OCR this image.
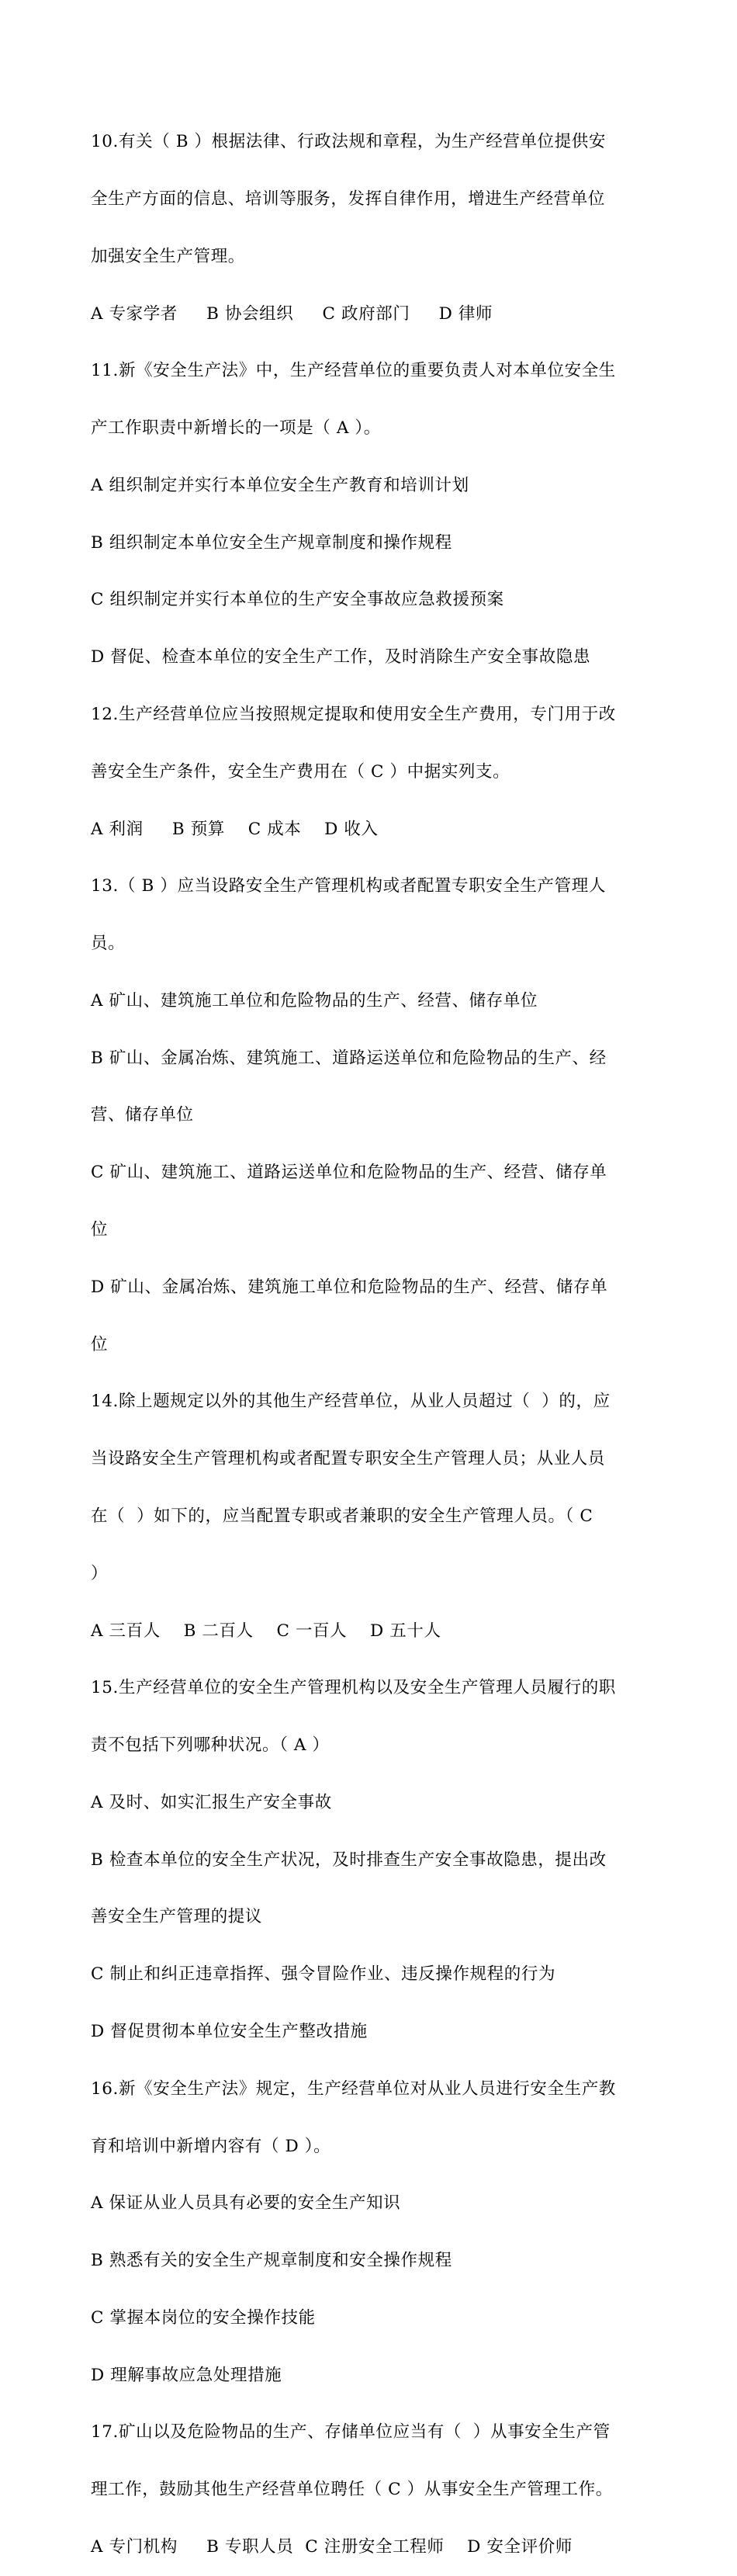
10.有关（ B ）根据法律、行政法规和章程，为生产经营单位提供安

全生产方面的信息、培训等服务，发挥自律作用，增进生产经营单位

加强安全生产管理。

A 专家学者     B 协会组织     C 政府部门     D 律师

11.新《安全生产法》中，生产经营单位的重要负责人对本单位安全生

产工作职责中新增长的一项是（ A ）。

A 组织制定并实行本单位安全生产教育和培训计划

B 组织制定本单位安全生产规章制度和操作规程

C 组织制定并实行本单位的生产安全事故应急救援预案

D 督促、检查本单位的安全生产工作，及时消除生产安全事故隐患

12.生产经营单位应当按照规定提取和使用安全生产费用，专门用于改

善安全生产条件，安全生产费用在（ C ）中据实列支。

A 利润     B 预算    C 成本    D 收入

13.（ B ）应当设路安全生产管理机构或者配置专职安全生产管理人

员。

A 矿山、建筑施工单位和危险物品的生产、经营、储存单位

B 矿山、金属冶炼、建筑施工、道路运送单位和危险物品的生产、经

营、储存单位

C 矿山、建筑施工、道路运送单位和危险物品的生产、经营、储存单

位

D 矿山、金属冶炼、建筑施工单位和危险物品的生产、经营、储存单

位

14.除上题规定以外的其他生产经营单位，从业人员超过（  ）的，应

当设路安全生产管理机构或者配置专职安全生产管理人员；从业人员

在（  ）如下的，应当配置专职或者兼职的安全生产管理人员。（ C

）

A 三百人    B 二百人    C 一百人    D 五十人

15.生产经营单位的安全生产管理机构以及安全生产管理人员履行的职

责不包括下列哪种状况。（ A ）

A 及时、如实汇报生产安全事故

B 检查本单位的安全生产状况，及时排查生产安全事故隐患，提出改

善安全生产管理的提议

C 制止和纠正违章指挥、强令冒险作业、违反操作规程的行为

D 督促贯彻本单位安全生产整改措施

16.新《安全生产法》规定，生产经营单位对从业人员进行安全生产教

育和培训中新增内容有（ D ）。

A 保证从业人员具有必要的安全生产知识

B 熟悉有关的安全生产规章制度和安全操作规程

C 掌握本岗位的安全操作技能

D 理解事故应急处理措施

17.矿山以及危险物品的生产、存储单位应当有（  ）从事安全生产管

理工作，鼓励其他生产经营单位聘任（ C ）从事安全生产管理工作。

A 专门机构     B 专职人员  C 注册安全工程师    D 安全评价师
